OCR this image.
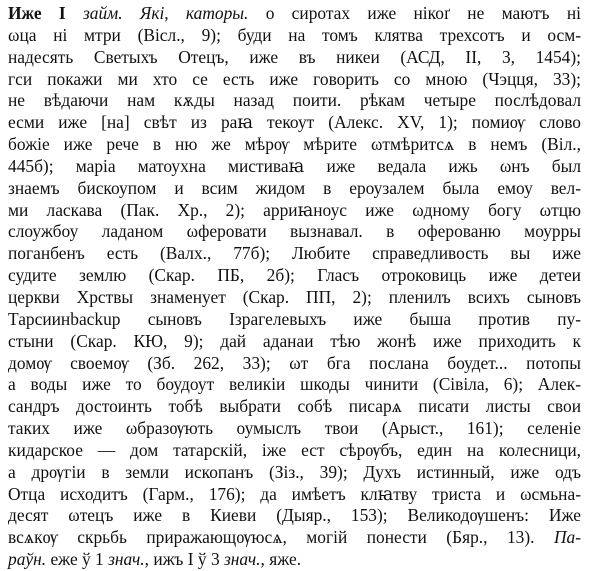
Иже I займ. Які, каторы. о сиротах иже нікоґ не маютъ ні
ωца ні мтри (Вісл., 9); буди на томъ клятва трехсотъ и осм-
надесять Светыхъ Отецъ, иже въ никеи (АСД, II, 3, 1454);
гси покажи ми хто се есть иже говорить со мною (Чэцця, 33);
не вѣдаючи нам кѫды назад поити. рѣкам четыре послѣдовал
есми иже [на] свѣт из раꙗ текоут (Алекс. XV, 1); помиѹ слово
божіе иже рече в ню же мѣрѹ мѣрите ωтмѣритсѧ в немъ (Віл.,
445б); маріа матоухна мистиваꙗ иже ведала ижь ωнъ был
знаемъ бискоупом и всим жидом в ероузалем была емоу вел-
ми ласкава (Пак. Хр., 2); арриꙗноус иже ωдному богу ωтцю
слоужбоу ладаном ωферовати вызнавал. в оферованю моурры
поганбенъ есть (Валх., 77б); Любите справедливость вы иже
судите землю (Скар. ПБ, 2б); Гласъ отроковиць иже детеи
церкви Хрствы знаменуеᴛ (Скар. ПП, 2); пленилъ всихъ сыновъ
Тарсиинbackup сыновъ Ізрагелевыхъ иже быша против пу-
стыни (Скар. КЮ, 9); дай аданаи тѣю жонѣ иже приходить к
домѹ своемѹ (Зб. 262, 33); ωт бга послана боудет... потопы
а воды иже то боудоуᴛ великіи шкоды чинити (Сівіла, 6); Алек-
сандръ достоинть тобѣ выбрати собѣ писарѧ писати листы свои
таких иже ωбразѹють оумыслъ твои (Арыст., 161); селеніе
кидарское — дом татарскій, іже ест сѣрѹбъ, един на колесници,
а дрѹгіи в земли ископанъ (Зіз., 39); Духъ истинный, иже одъ
Отца исходитъ (Гарм., 176); да имѣетъ клꙗтву триста и ωсмьна-
десяᴛ ωтецъ иже в Киеви (Дыяр., 153); Великодѹшенъ: Иже
всѧкѹ скрьбь приражающѹюсѧ, могій понести (Бяр., 13). Па-
раўн. еже ў 1 знач., ижъ І ў 3 знач., яже.
